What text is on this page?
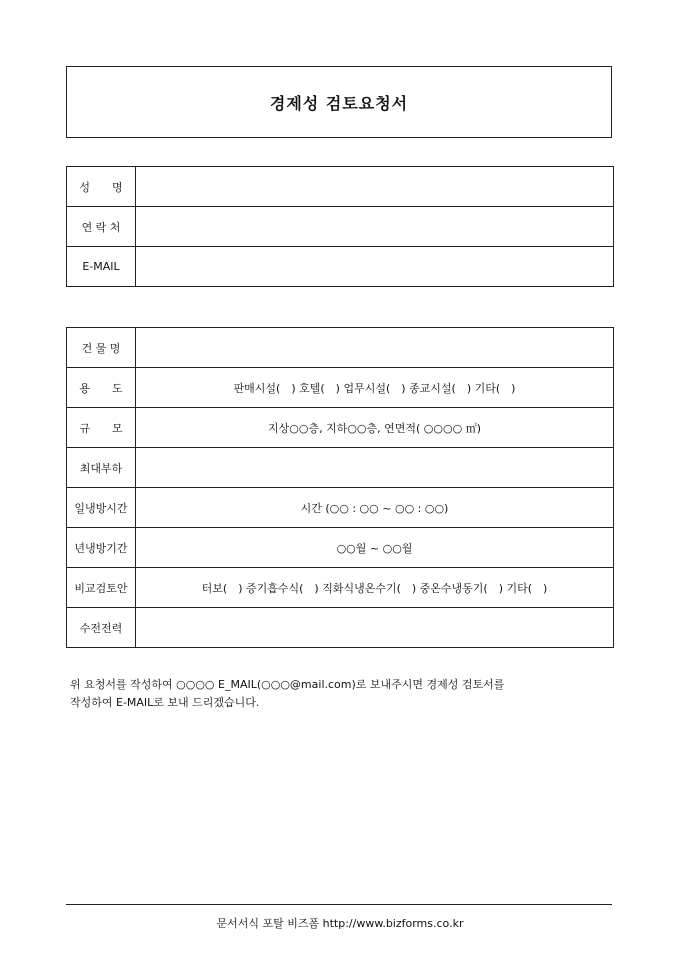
경제성 검토요청서
성　　명	
연 락 처	
E-MAIL	
건 물 명	
용　　도	판매시설(　) 호텔(　) 업무시설(　) 종교시설(　) 기타(　)
규　　모	지상○○층, 지하○○층, 연면적( ○○○○ ㎡)
최대부하	
일냉방시간	시간 (○○ : ○○ ~ ○○ : ○○)
년냉방기간	○○월 ~ ○○월
비교검토안	터보(　) 증기흡수식(　) 직화식냉온수기(　) 중온수냉동기(　) 기타(　)
수전전력	
위 요청서를 작성하여 ○○○○ E_MAIL(○○○@mail.com)로 보내주시면 경제성 검토서를
작성하여 E-MAIL로 보내 드리겠습니다.
문서서식 포탈 비즈폼 http://www.bizforms.co.kr
